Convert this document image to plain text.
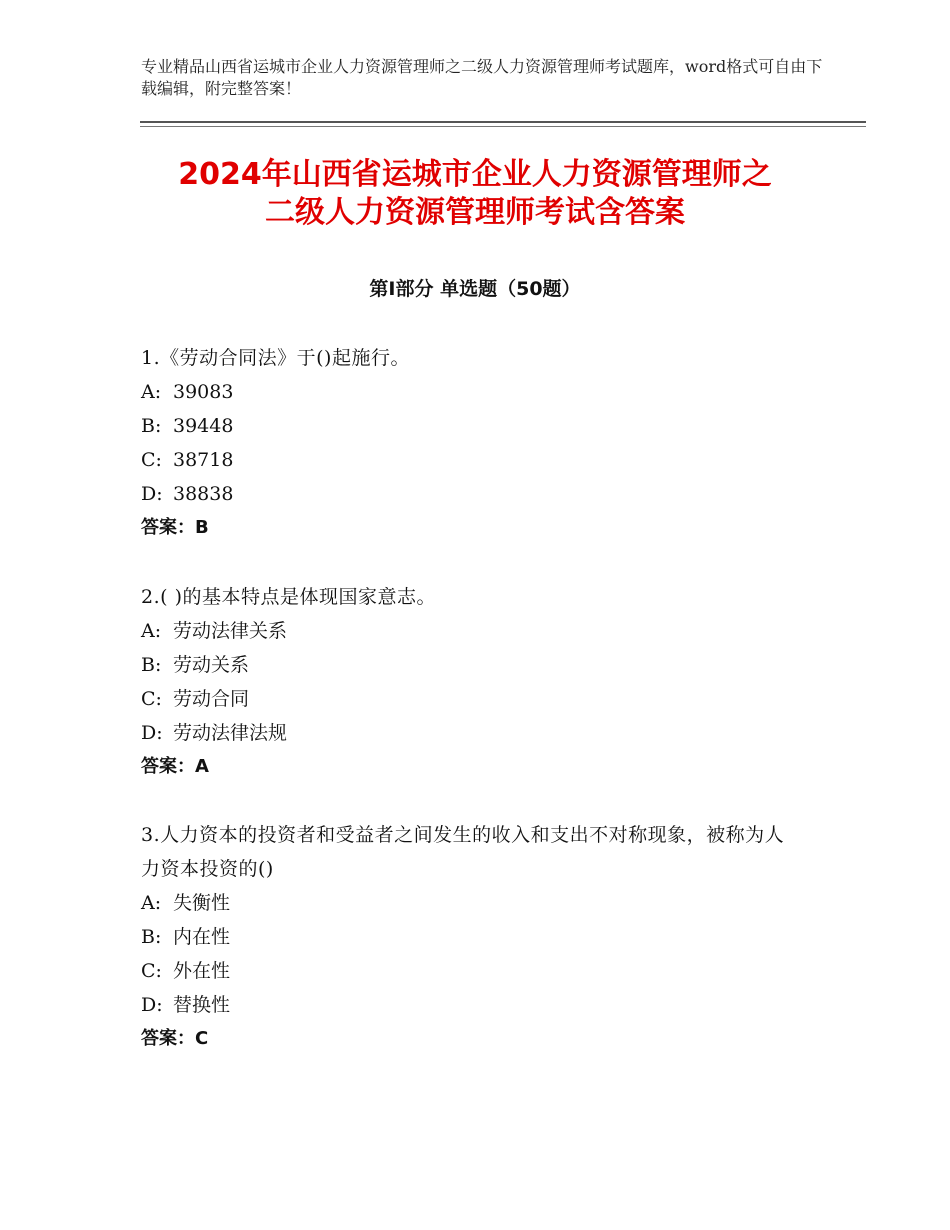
专业精品山西省运城市企业人力资源管理师之二级人力资源管理师考试题库，word格式可自由下载编辑，附完整答案！
2024年山西省运城市企业人力资源管理师之
二级人力资源管理师考试含答案
第Ⅰ部分 单选题（50题）
1.《劳动合同法》于()起施行。
A: 39083
B: 39448
C: 38718
D: 38838
答案：B
2.( )的基本特点是体现国家意志。
A: 劳动法律关系
B: 劳动关系
C: 劳动合同
D: 劳动法律法规
答案：A
3.人力资本的投资者和受益者之间发生的收入和支出不对称现象，被称为人力资本投资的()
A: 失衡性
B: 内在性
C: 外在性
D: 替换性
答案：C
